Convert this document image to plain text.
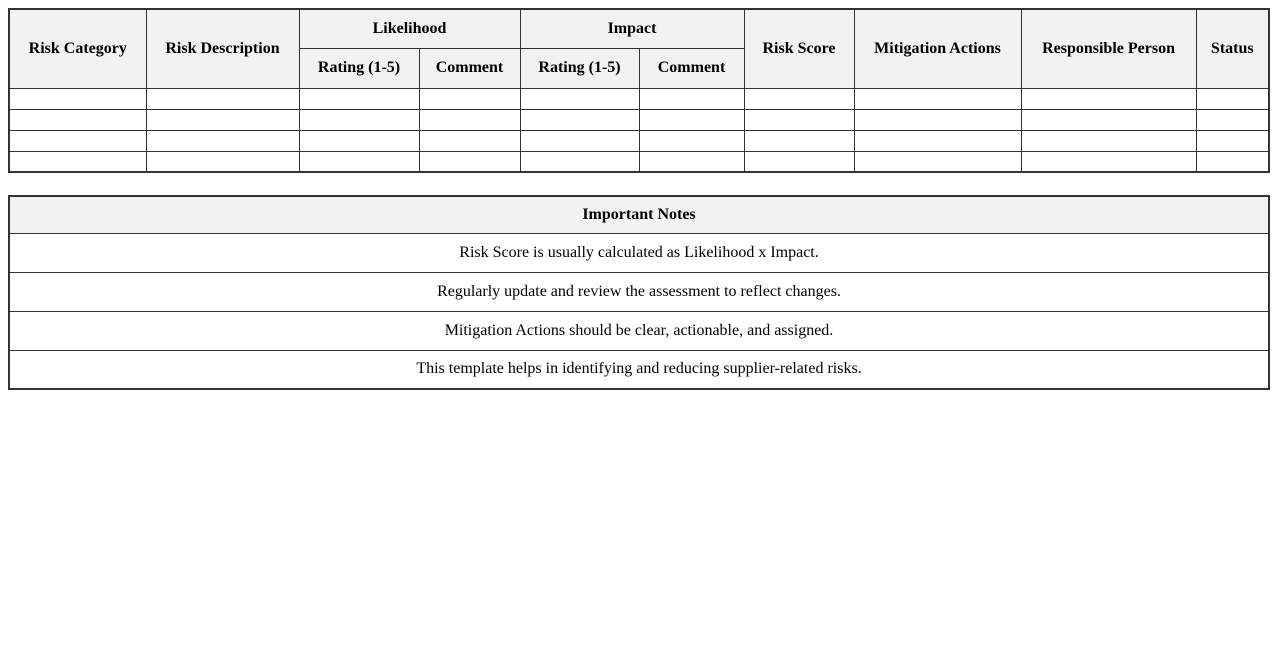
Risk Category	Risk Description	Likelihood		Impact		Risk Score	Mitigation Actions	Responsible Person	Status
		Rating (1-5)	Comment	Rating (1-5)	Comment				

Important Notes
Risk Score is usually calculated as Likelihood x Impact.
Regularly update and review the assessment to reflect changes.
Mitigation Actions should be clear, actionable, and assigned.
This template helps in identifying and reducing supplier-related risks.
